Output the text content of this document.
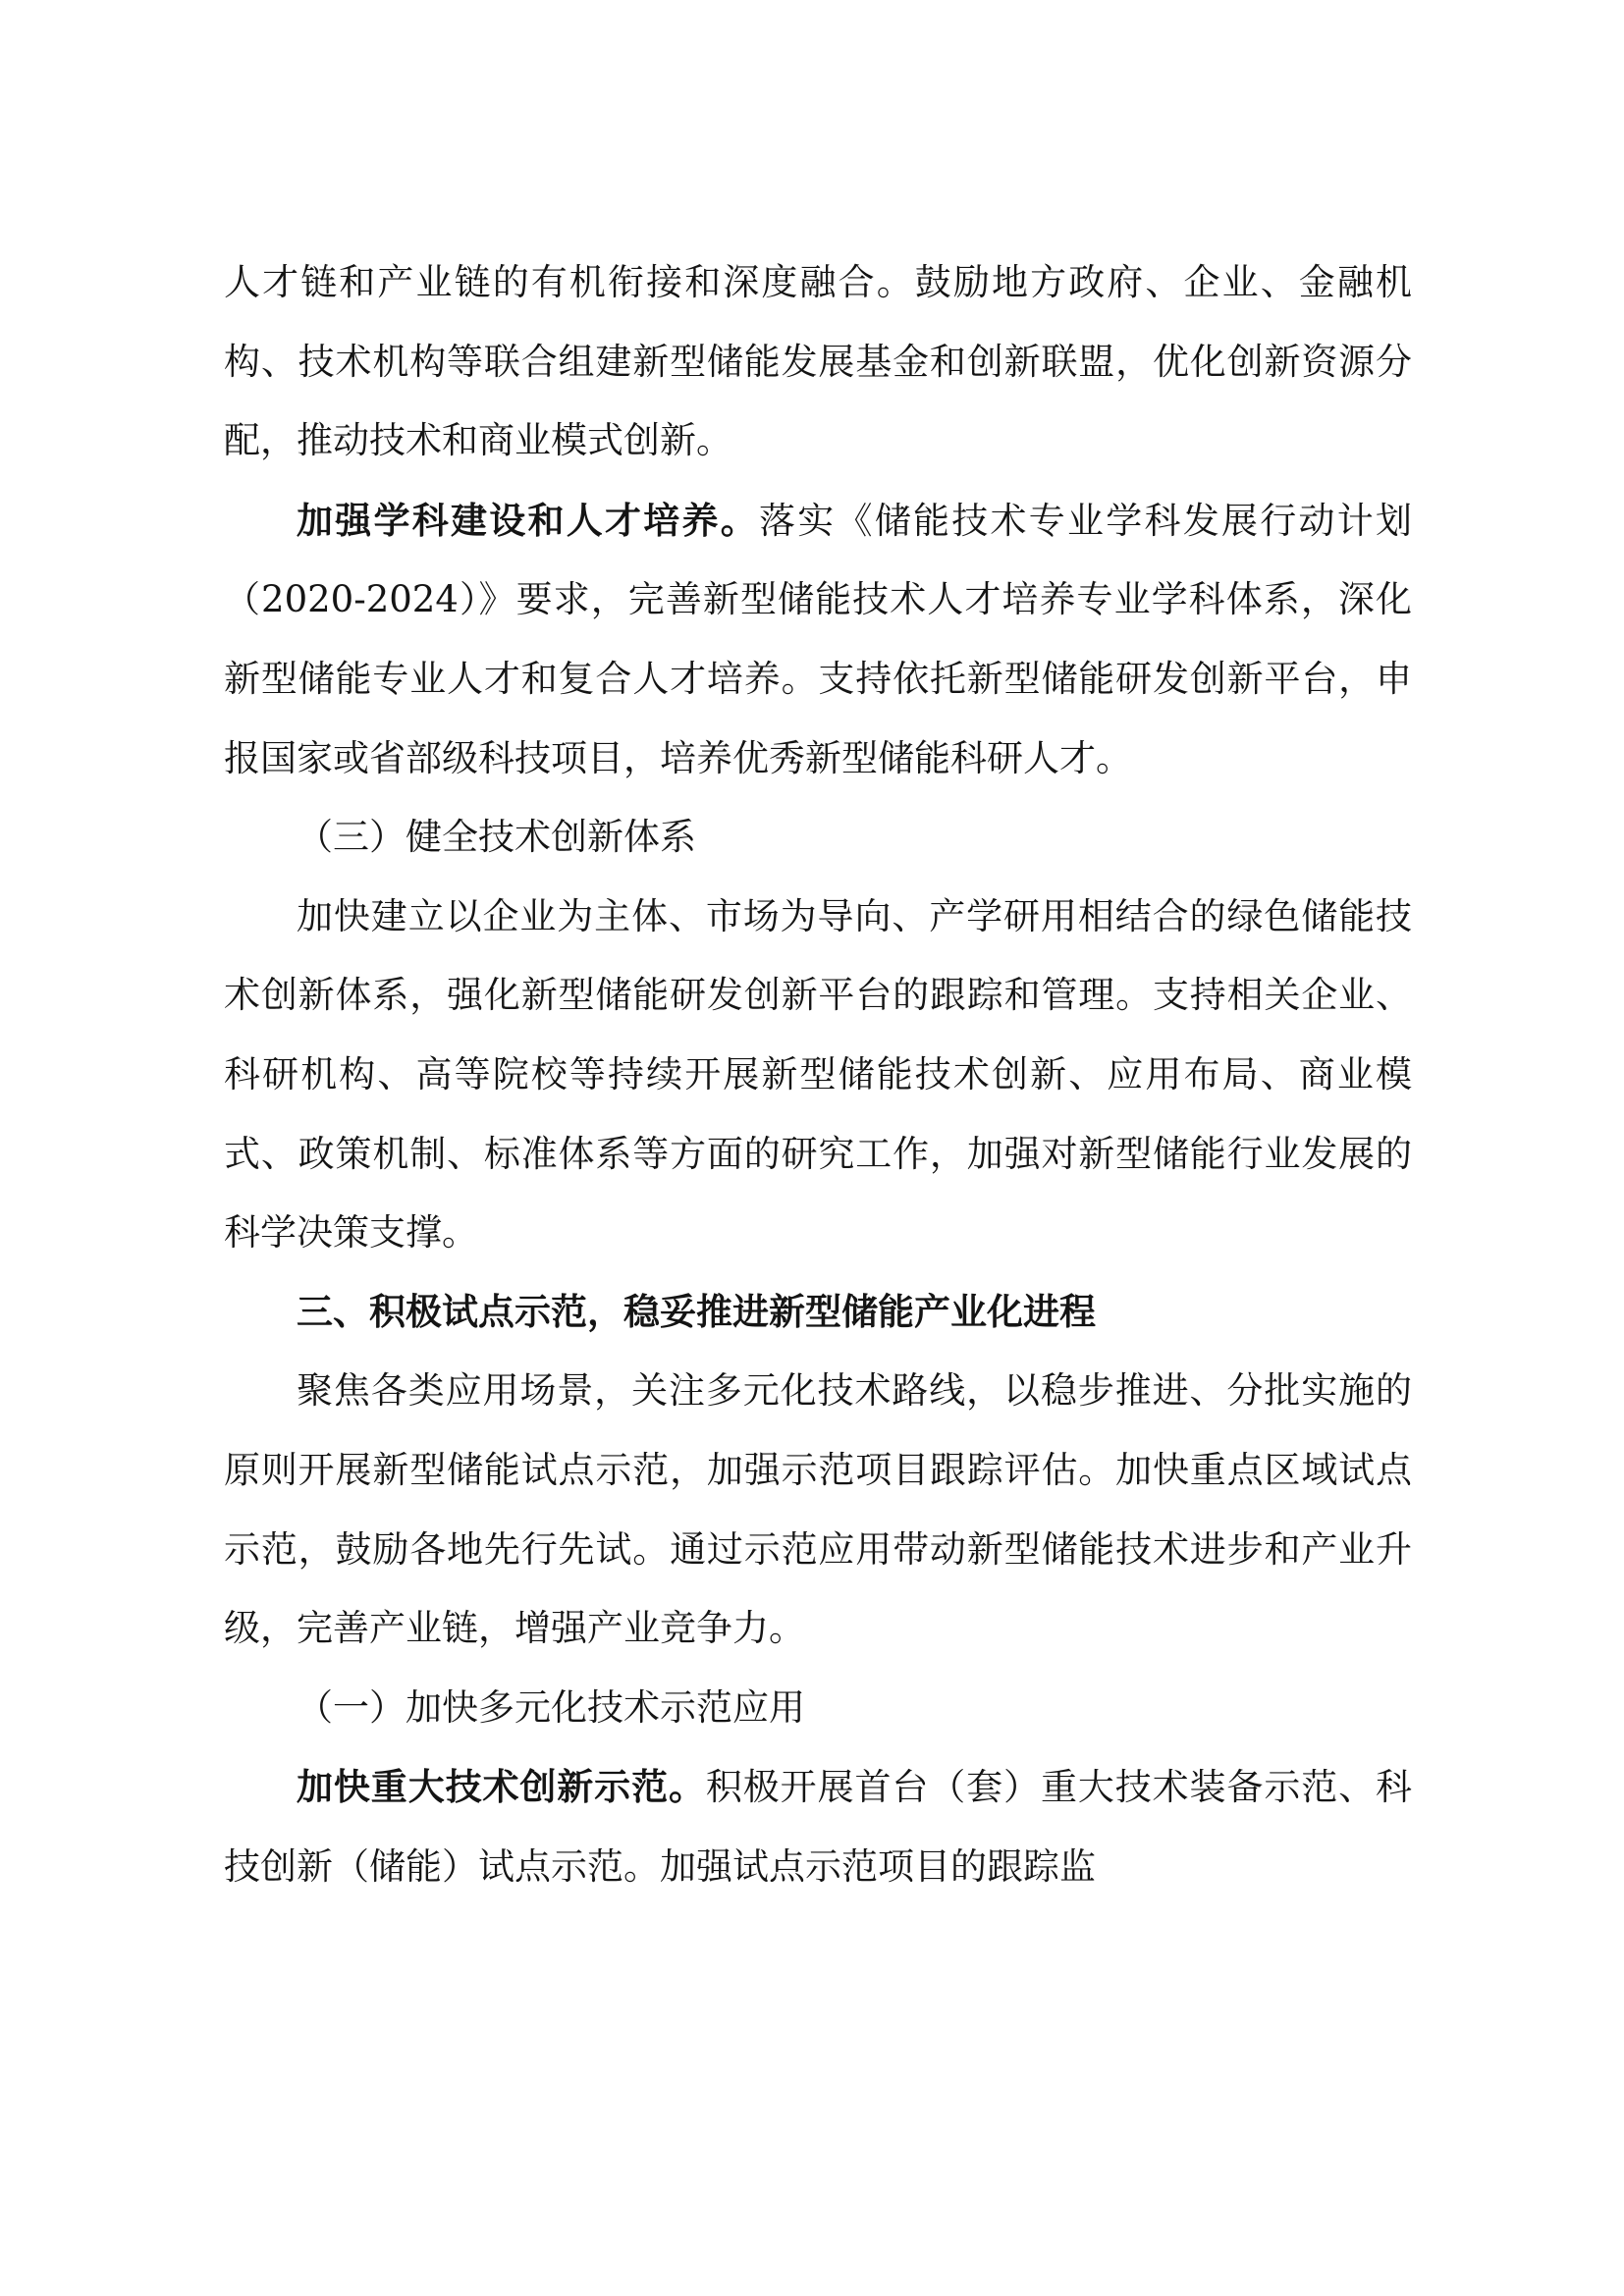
人才链和产业链的有机衔接和深度融合。鼓励地方政府、企业、金融机构、技术机构等联合组建新型储能发展基金和创新联盟，优化创新资源分配，推动技术和商业模式创新。

加强学科建设和人才培养。落实《储能技术专业学科发展行动计划（2020-2024）》要求，完善新型储能技术人才培养专业学科体系，深化新型储能专业人才和复合人才培养。支持依托新型储能研发创新平台，申报国家或省部级科技项目，培养优秀新型储能科研人才。

（三）健全技术创新体系

加快建立以企业为主体、市场为导向、产学研用相结合的绿色储能技术创新体系，强化新型储能研发创新平台的跟踪和管理。支持相关企业、科研机构、高等院校等持续开展新型储能技术创新、应用布局、商业模式、政策机制、标准体系等方面的研究工作，加强对新型储能行业发展的科学决策支撑。

三、积极试点示范，稳妥推进新型储能产业化进程

聚焦各类应用场景，关注多元化技术路线，以稳步推进、分批实施的原则开展新型储能试点示范，加强示范项目跟踪评估。加快重点区域试点示范，鼓励各地先行先试。通过示范应用带动新型储能技术进步和产业升级，完善产业链，增强产业竞争力。

（一）加快多元化技术示范应用

加快重大技术创新示范。积极开展首台（套）重大技术装备示范、科技创新（储能）试点示范。加强试点示范项目的跟踪监
